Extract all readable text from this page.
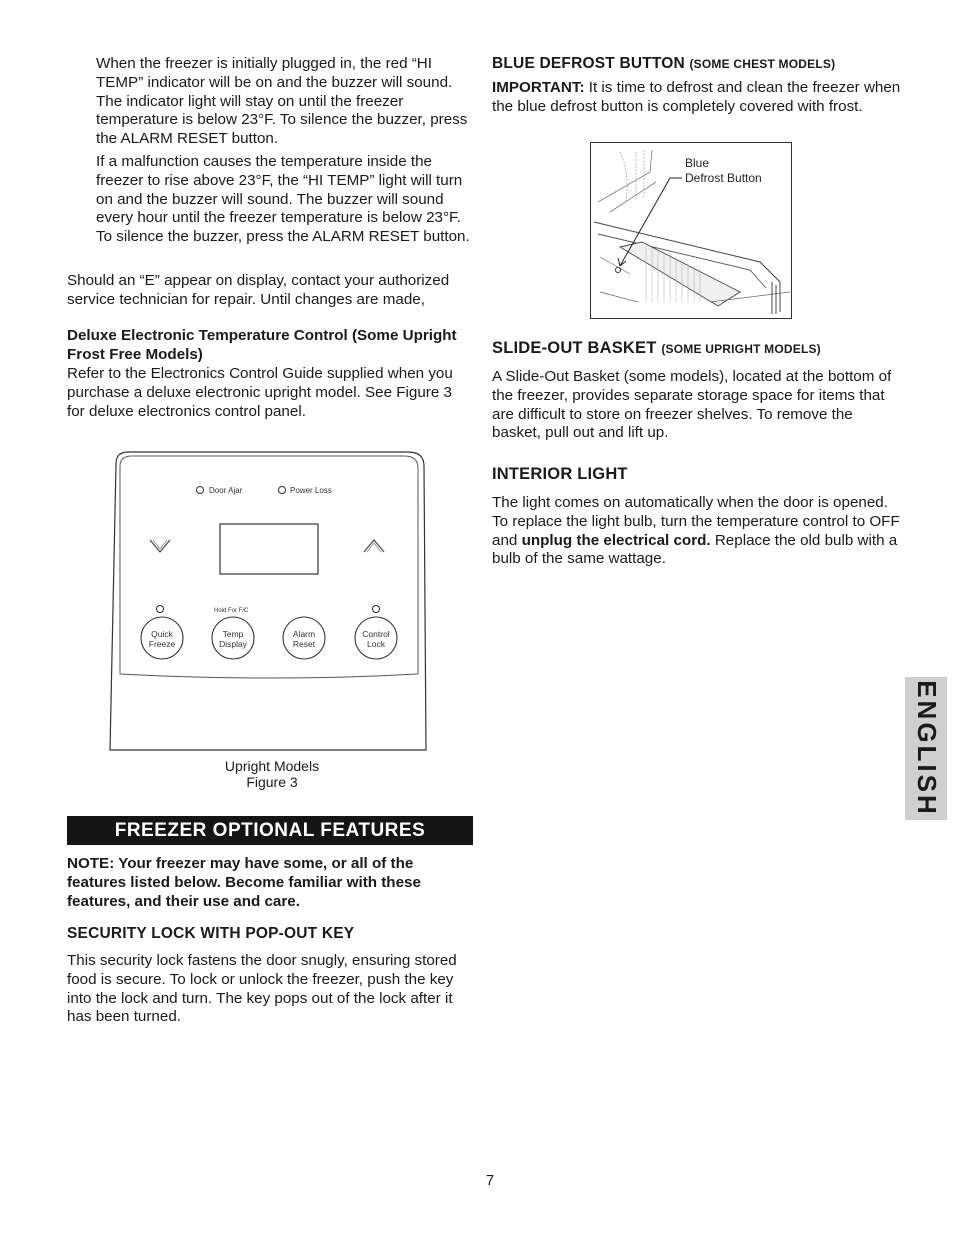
When the freezer is initially plugged in, the red “HI TEMP” indicator will be on and the buzzer will sound. The indicator light will stay on until the freezer temperature is below 23°F. To silence the buzzer, press the ALARM RESET button.

If a malfunction causes the temperature inside the freezer to rise above 23°F, the “HI TEMP” light will turn on and the buzzer will sound. The buzzer will sound every hour until the freezer temperature is below 23°F. To silence the buzzer, press the ALARM RESET button.

Should an “E” appear on display, contact your authorized service technician for repair. Until changes are made,

Deluxe Electronic Temperature Control (Some Upright Frost Free Models)

Refer to the Electronics Control Guide supplied when you purchase a deluxe electronic upright model. See Figure 3 for deluxe electronics control panel.

Door Ajar	Power Loss
Hold For F/C
Quick
Freeze
Temp
Display
Alarm
Reset
Control
Lock
Upright Models
Figure 3
FREEZER OPTIONAL FEATURES

NOTE: Your freezer may have some, or all of the features listed below. Become familiar with these features, and their use and care.

SECURITY LOCK WITH POP-OUT KEY

This security lock fastens the door snugly, ensuring stored food is secure. To lock or unlock the freezer, push the key into the lock and turn. The key pops out of the lock after it has been turned.

BLUE DEFROST BUTTON (SOME CHEST MODELS)

IMPORTANT: It is time to defrost and clean the freezer when the blue defrost button is completely covered with frost.

Blue
Defrost Button

SLIDE-OUT BASKET (SOME UPRIGHT MODELS)

A Slide-Out Basket (some models), located at the bottom of the freezer, provides separate storage space for items that are difficult to store on freezer shelves. To remove the basket, pull out and lift up.

INTERIOR LIGHT

The light comes on automatically when the door is opened. To replace the light bulb, turn the temperature control to OFF and unplug the electrical cord. Replace the old bulb with a bulb of the same wattage.

ENGLISH
7
